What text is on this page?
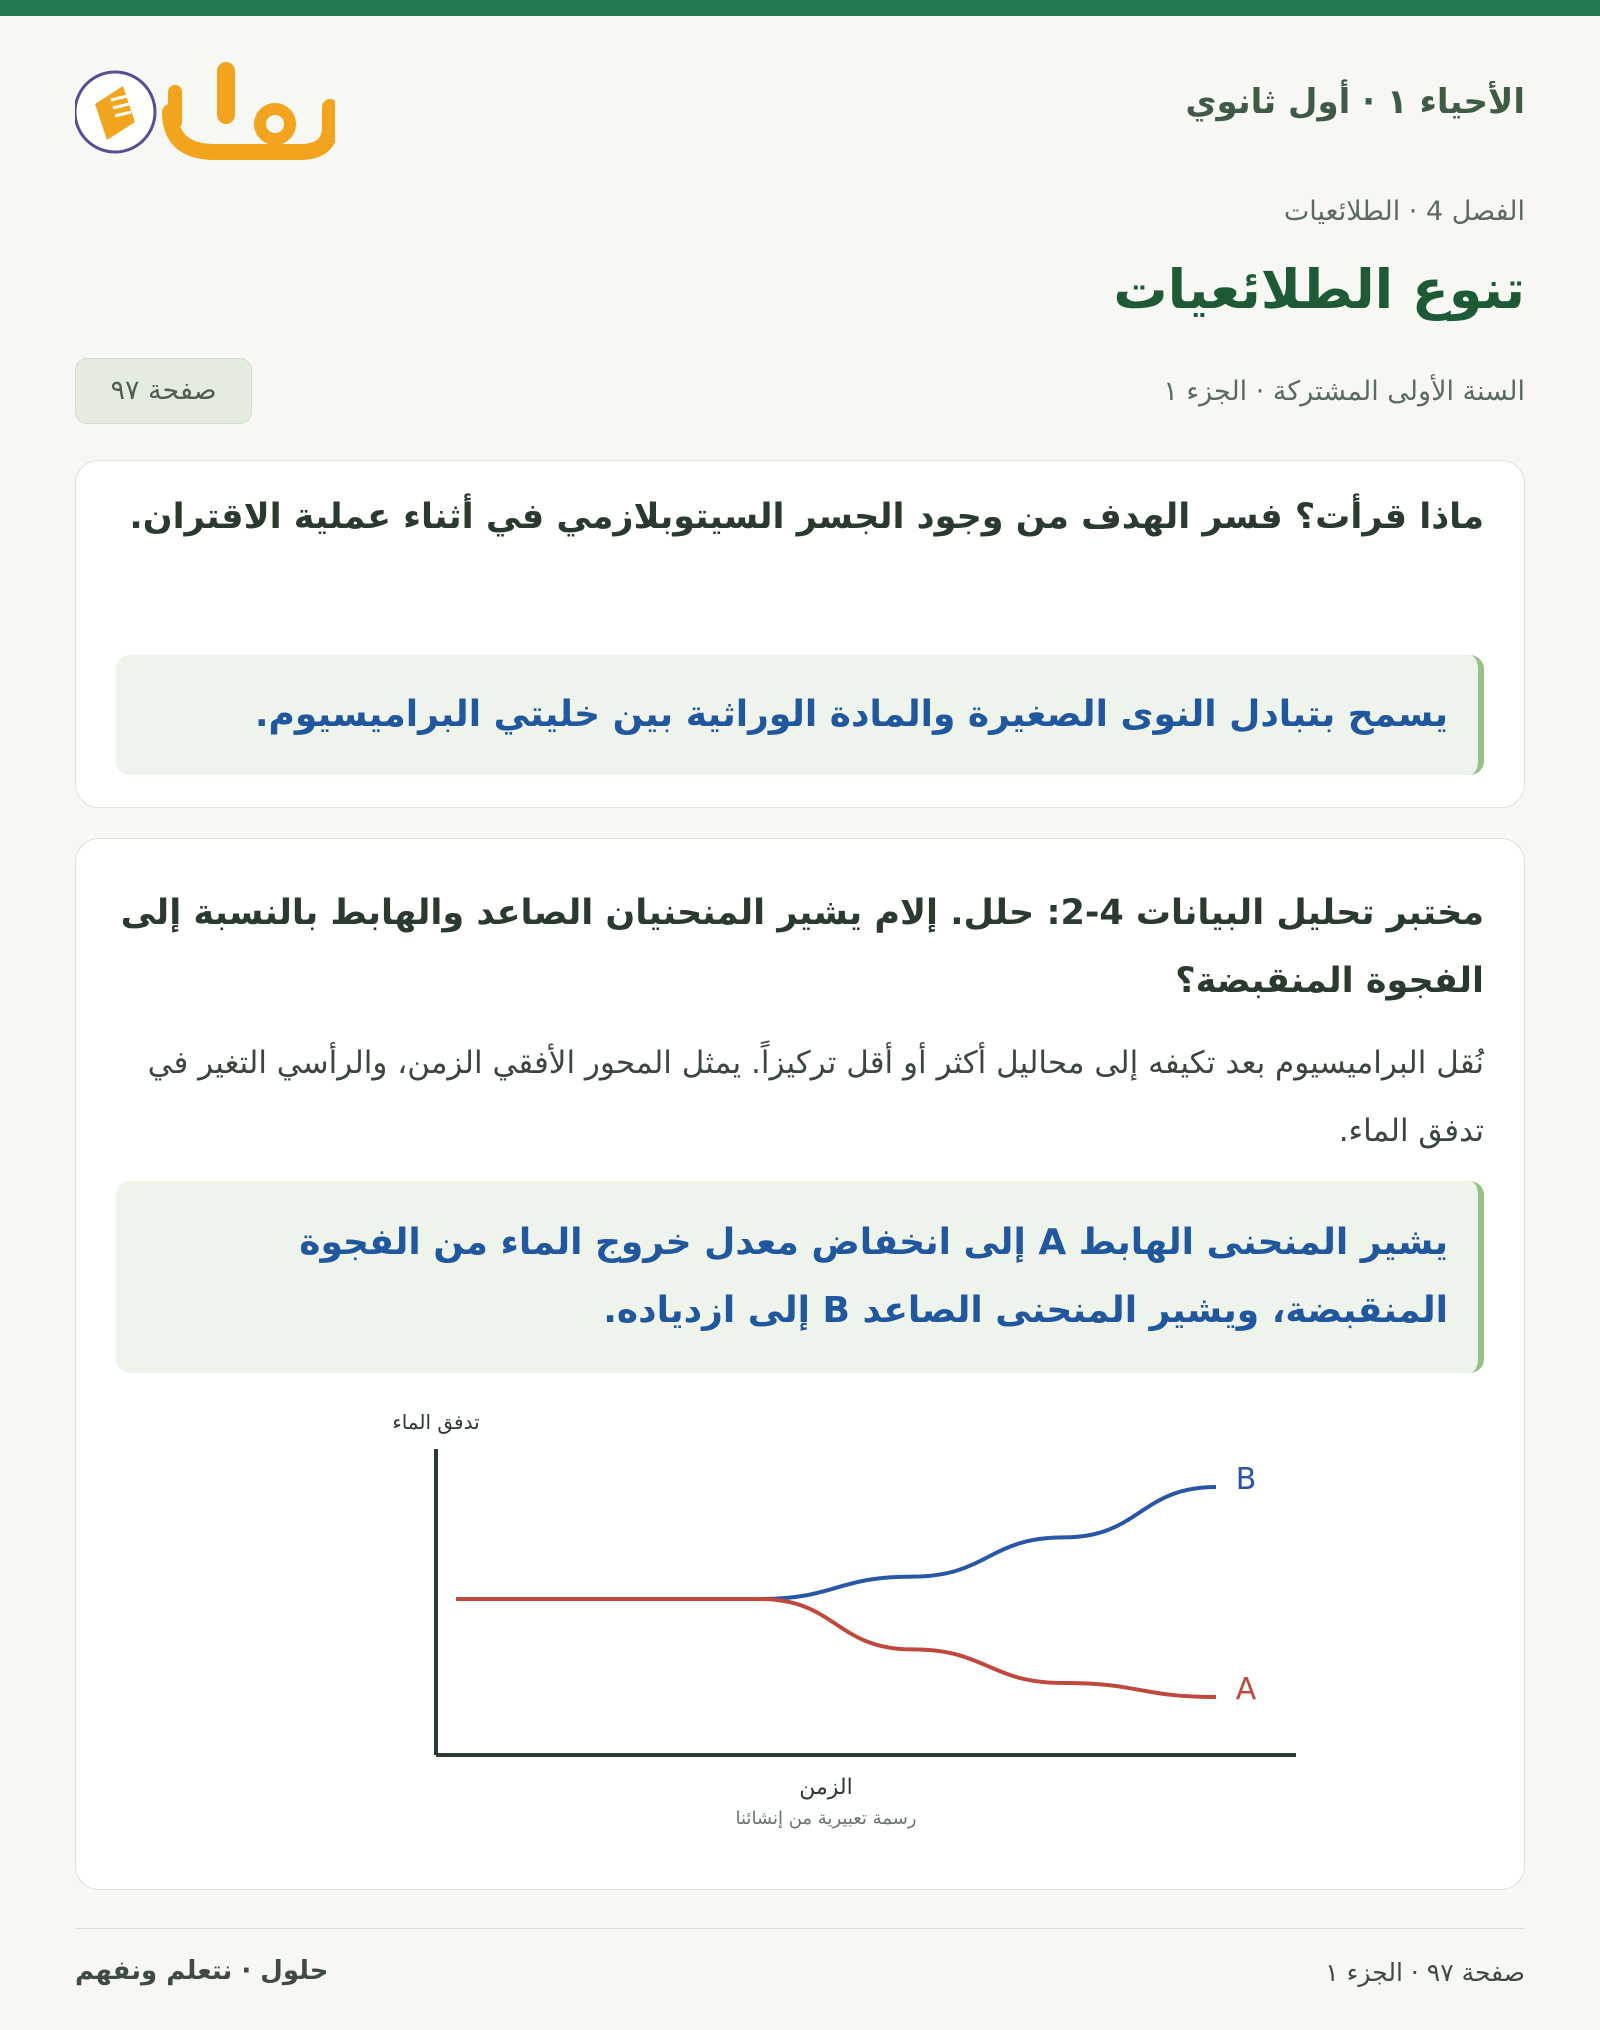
الأحياء ١ · أول ثانوي
الفصل 4 · الطلائعيات
تنوع الطلائعيات
السنة الأولى المشتركة · الجزء ١
صفحة ٩٧
ماذا قرأت؟ فسر الهدف من وجود الجسر السيتوبلازمي في أثناء عملية الاقتران.
يسمح بتبادل النوى الصغيرة والمادة الوراثية بين خليتي البراميسيوم.
مختبر تحليل البيانات 4-2: حلل. إلام يشير المنحنيان الصاعد والهابط بالنسبة إلى الفجوة المنقبضة؟
نُقل البراميسيوم بعد تكيفه إلى محاليل أكثر أو أقل تركيزاً. يمثل المحور الأفقي الزمن، والرأسي التغير في تدفق الماء.
يشير المنحنى الهابط A إلى انخفاض معدل خروج الماء من الفجوة المنقبضة، ويشير المنحنى الصاعد B إلى ازدياده.
تدفق الماء
الزمن
رسمة تعبيرية من إنشائنا
B
A
صفحة ٩٧ · الجزء ١
حلول · نتعلم ونفهم
